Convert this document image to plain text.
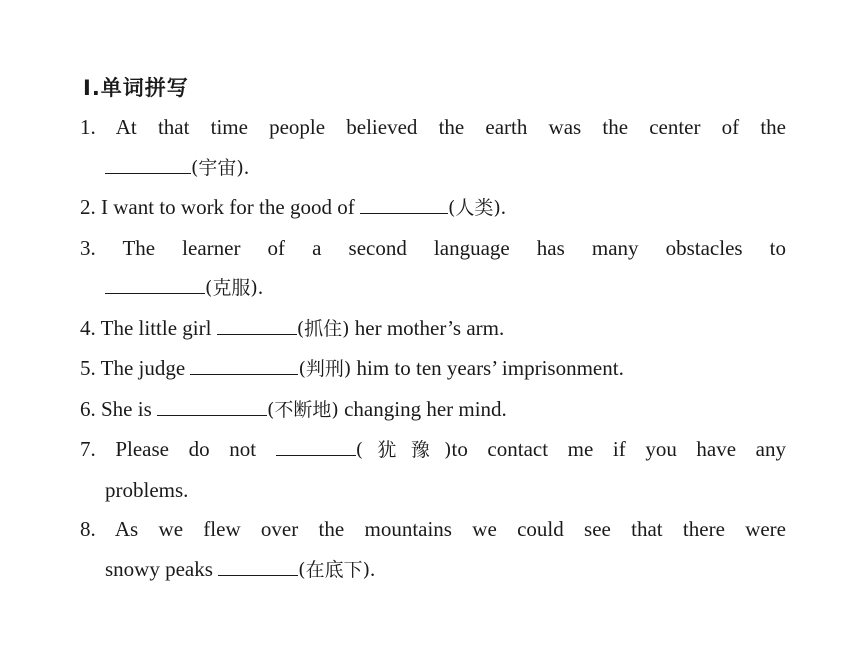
Ⅰ.单词拼写
1. At that time people believed the earth was the center of the
(宇宙).
2. I want to work for the good of	(人类).
3. The learner of a second language has many obstacles to
(克服).
4. The little girl	(抓住) her mother’s arm.
5. The judge	(判刑) him to ten years’ imprisonment.
6. She is	(不断地) changing her mind.
7. Please do not	(犹豫)to contact me if you have any
problems.
8. As we flew over the mountains we could see that there were
snowy peaks	(在底下).
